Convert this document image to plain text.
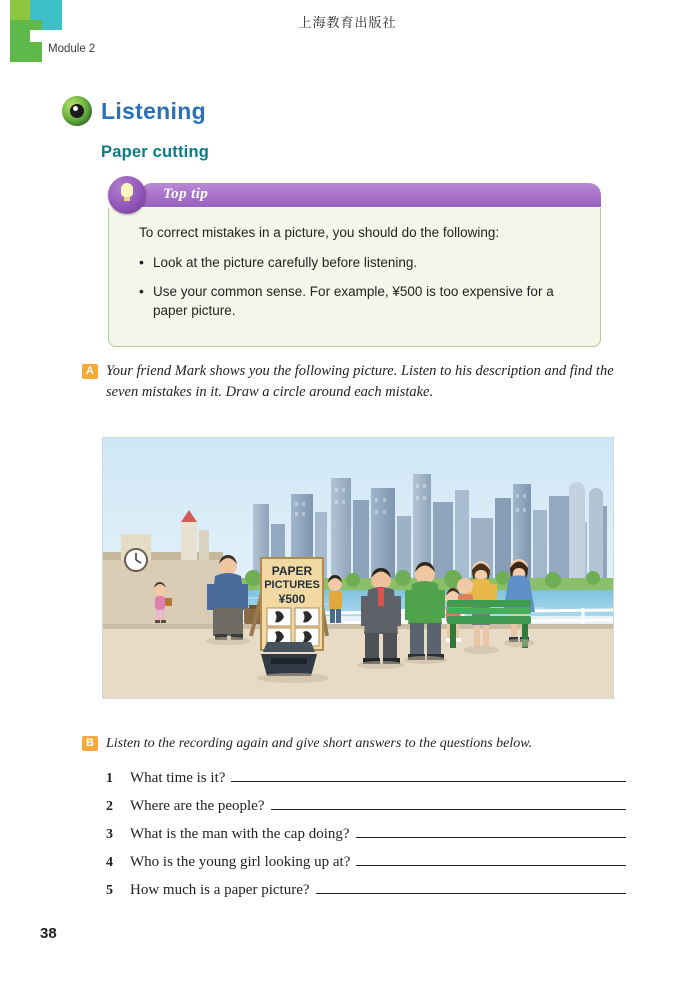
上海教育出版社
Module 2
Listening
Paper cutting
Top tip

To correct mistakes in a picture, you should do the following:

• Look at the picture carefully before listening.
• Use your common sense. For example, ¥500 is too expensive for a paper picture.
A Your friend Mark shows you the following picture. Listen to his description and find the seven mistakes in it. Draw a circle around each mistake.
PAPER
PICTURES
¥500
B Listen to the recording again and give short answers to the questions below.
1	What time is it?
2	Where are the people?
3	What is the man with the cap doing?
4	Who is the young girl looking up at?
5	How much is a paper picture?
38
